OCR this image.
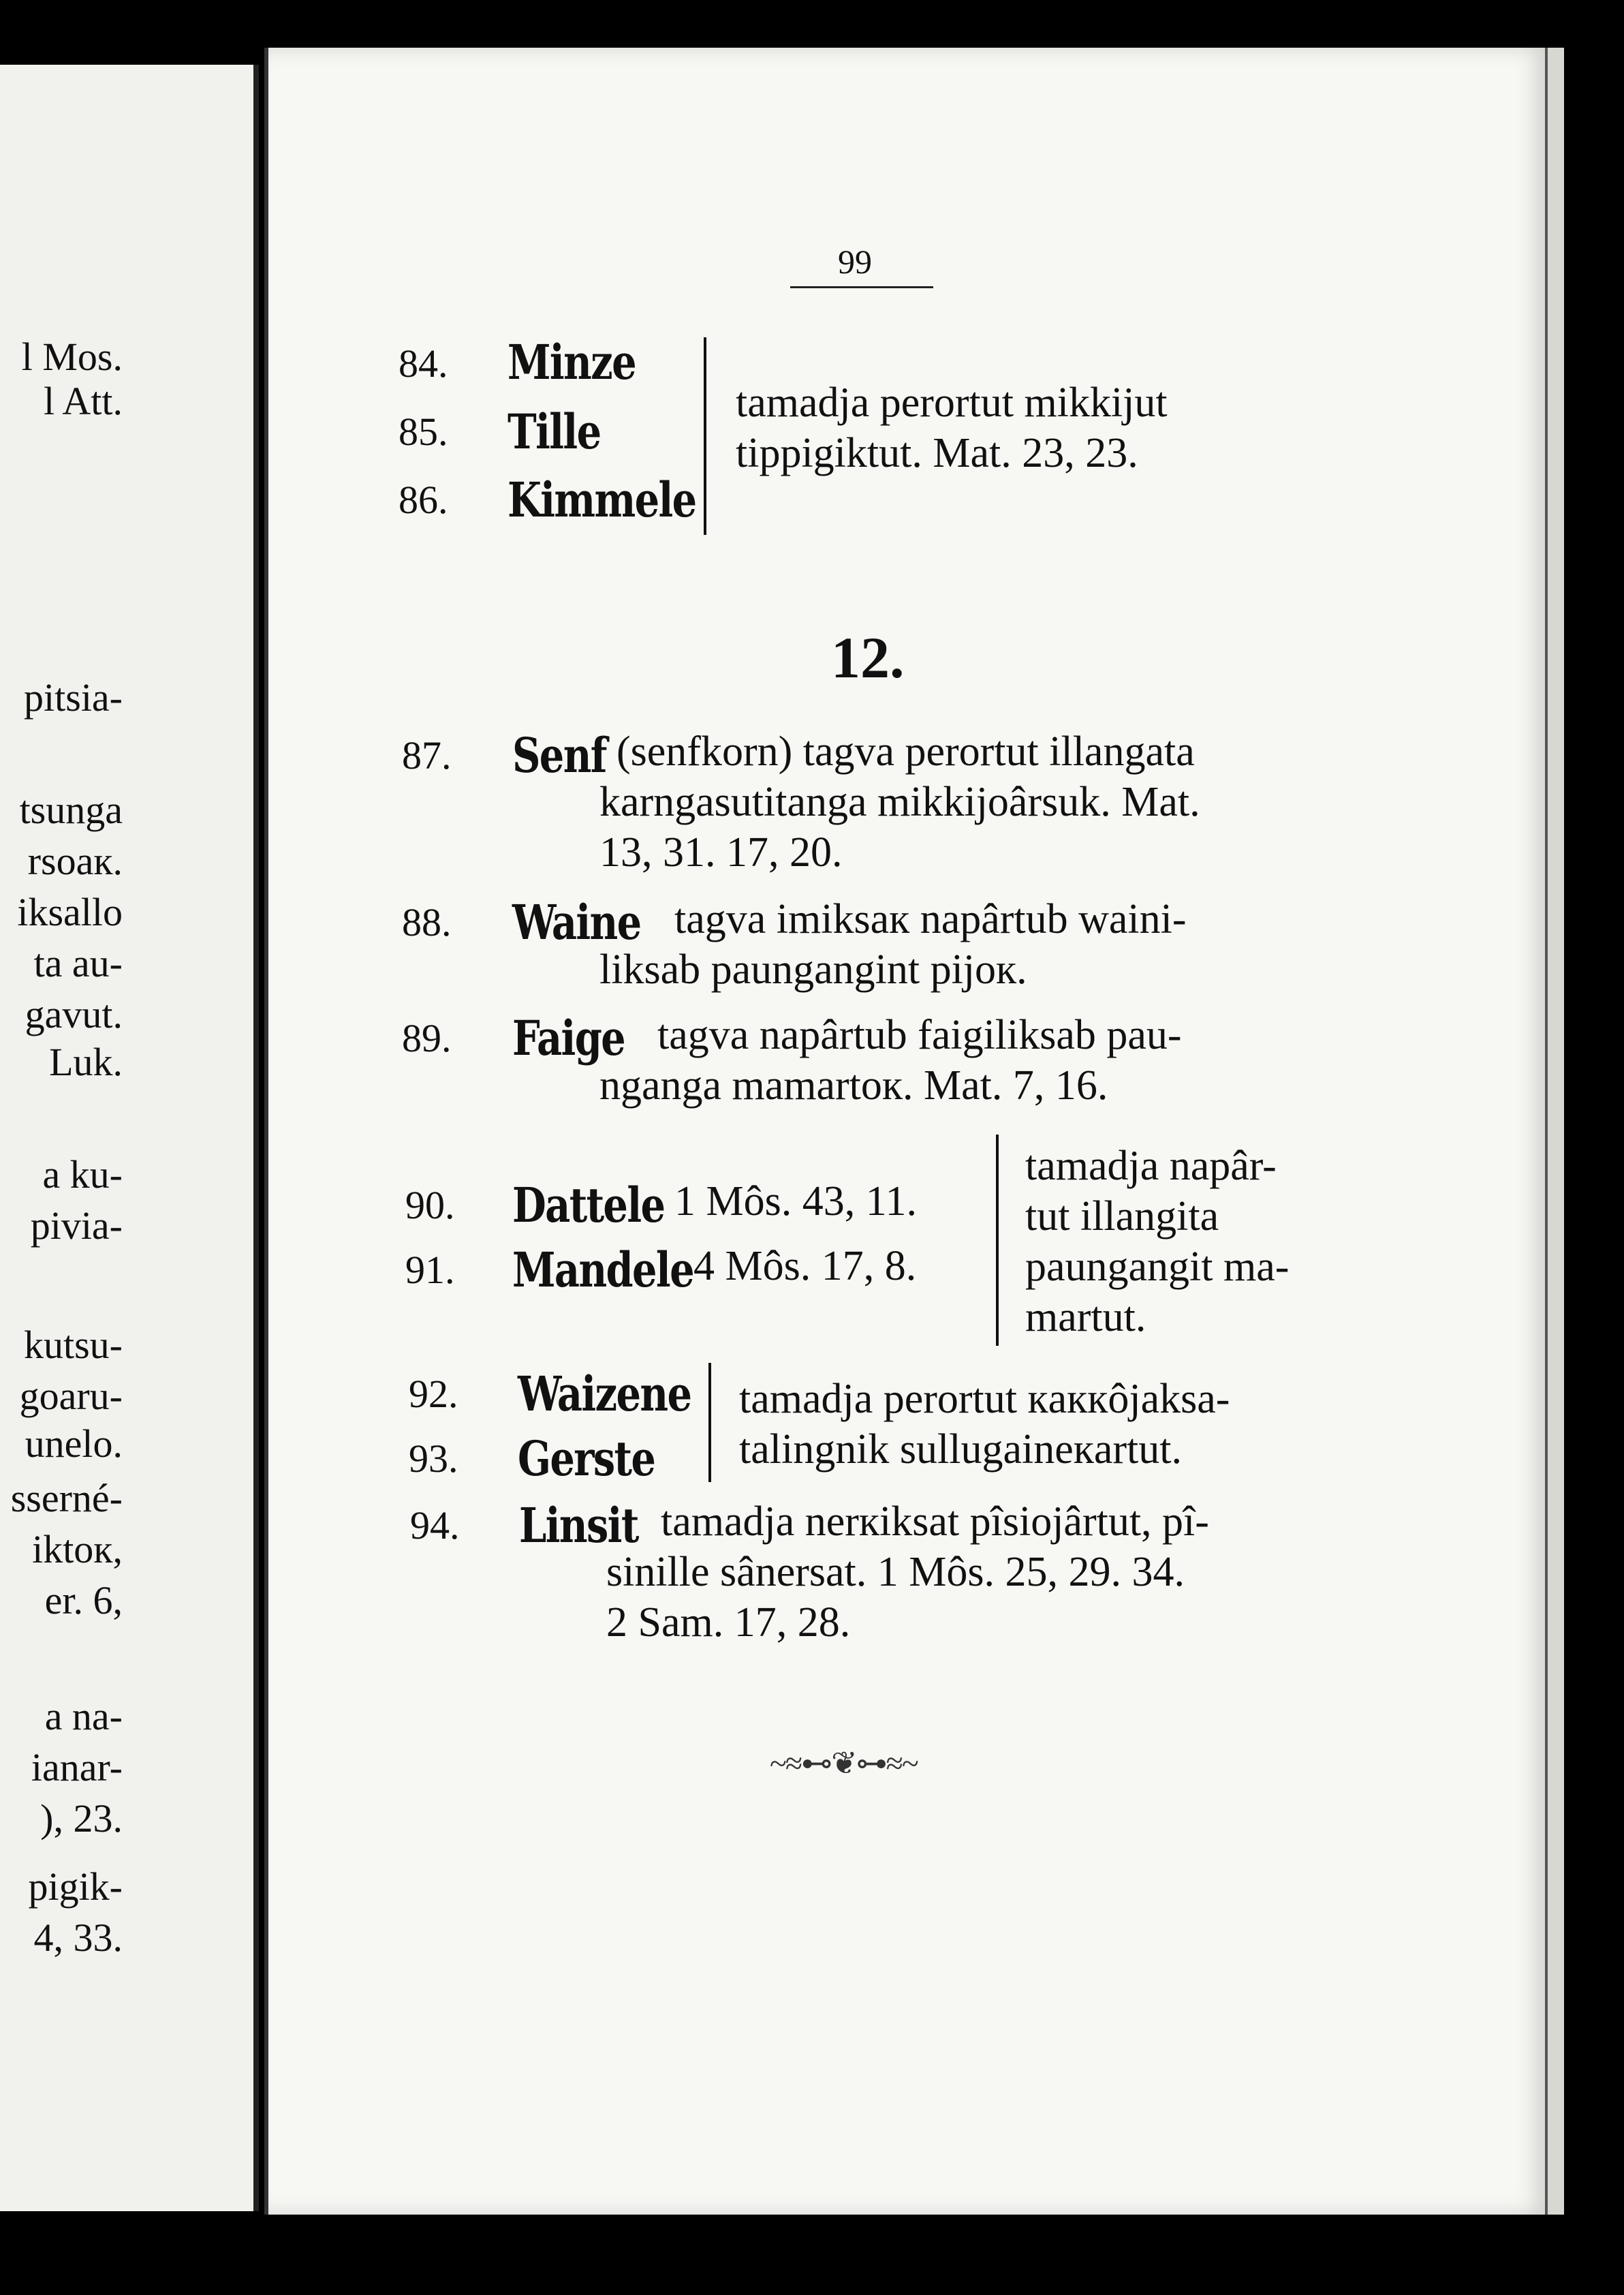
l Mos.
l Att.
pitsia-
tsunga
rsoaк.
iksallo
ta au-
gavut.
Luk.
a ku-
pivia-
kutsu-
goaru-
unelo.
sserné-
iktoк,
er. 6,
a na-
ianar-
), 23.
pigik-
4, 33.
99
84. Minze
85. Tille
86. Kimmele
tamadja perortut mikkijut
tippigiktut. Mat. 23, 23.
12.
87. Senf (senfkorn) tagva perortut illangata
karngasutitanga mikkijoârsuk. Mat.
13, 31. 17, 20.
88. Waine tagva imiksaк napârtub waini-
liksab paungangint pijoк.
89. Faige tagva napârtub faigiliksab pau-
nganga mamartoк. Mat. 7, 16.
90. Dattele 1 Môs. 43, 11.
91. Mandele 4 Môs. 17, 8.
tamadja napâr-
tut illangita
paungangit ma-
martut.
92. Waizene
93. Gerste
tamadja perortut кaккôjaksa-
talingnik sullugaineкartut.
94. Linsit tamadja nerкiksat pîsiojârtut, pî-
sinille sânersat. 1 Môs. 25, 29. 34.
2 Sam. 17, 28.
~≈⊷❦⊶≈~
